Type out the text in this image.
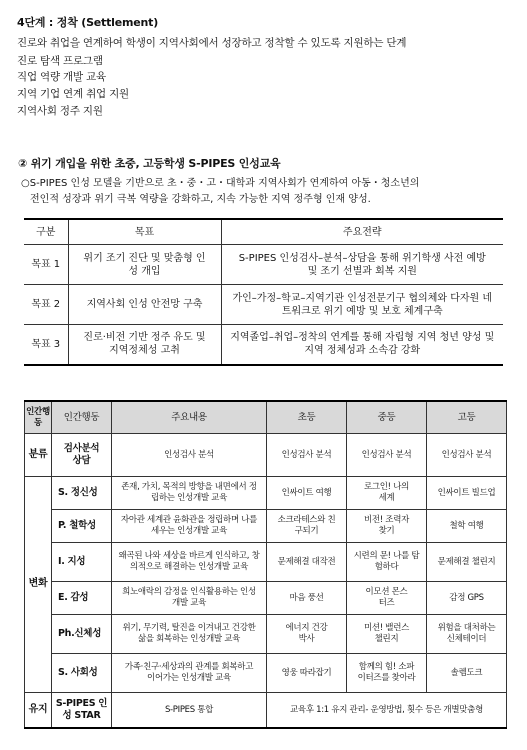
4단계 : 정착 (Settlement)
진로와 취업을 연계하여 학생이 지역사회에서 성장하고 정착할 수 있도록 지원하는 단계
진로 탐색 프로그램
직업 역량 개발 교육
지역 기업 연계 취업 지원
지역사회 정주 지원
② 위기 개입을 위한 초중, 고등학생 S-PIPES 인성교육
○S-PIPES 인성 모델을 기반으로 초・중・고・대학과 지역사회가 연계하여 아동・청소년의
전인적 성장과 위기 극복 역량을 강화하고, 지속 가능한 지역 정주형 인재 양성.
구분	목표	주요전략
목표 1	위기 조기 진단 및 맞춤형 인성 개입	S-PIPES 인성검사–분석–상담을 통해 위기학생 사전 예방 및 조기 선별과 회복 지원
목표 2	지역사회 인성 안전망 구축	가인–가정–학교–지역기관 인성전문기구 협의체와 다자원 네트워크로 위기 예방 및 보호 체계구축
목표 3	진로·비전 기반 정주 유도 및 지역정체성 고취	지역졸업–취업–정착의 연계를 통해 자립형 지역 청년 양성 및 지역 정체성과 소속감 강화
인간행동	인간행동	주요내용	초등	중등	고등
분류	검사분석 상담	인성검사 분석	인성검사 분석	인성검사 분석	인성검사 분석
변화	S. 정신성	존재, 가치, 목적의 방향을 내면에서 정립하는 인성개발 교육	인싸이트 여행	로그인! 나의 세계	인싸이트 빌드업
	P. 철학성	자아관 세계관 윤화관을 정립하며 나를 세우는 인성개발 교육	소크라테스와 친구되기	비전! 조력자 찾기	철학 여행
	I. 지성	왜곡된 나와 세상을 바르게 인식하고, 창의적으로 해결하는 인성개발 교육	문제해결 대작전	시련의 문! 나를 탐험하다	문제해결 챌린지
	E. 감성	희노애락의 감정을 인식활용하는 인성개발 교육	마음 풍선	이모션 몬스터즈	감정 GPS
	Ph.신체성	위기, 무기력, 탈진을 이겨내고 건강한 삶을 회복하는 인성개발 교육	에너지 건강박사	미션! 밸런스 챌린지	위험을 대처하는 신체테이더
	S. 사회성	가족·친구·세상과의 관계를 회복하고 이어가는 인성개발 교육	영웅 따라잡기	함께의 힘! 소파이터즈를 찾아라	솔렘도크
유지	S-PIPES 인성 STAR	S-PIPES 통합	교육후 1:1 유지 관리- 운영방법, 횟수 등은 개별맞춤형		
